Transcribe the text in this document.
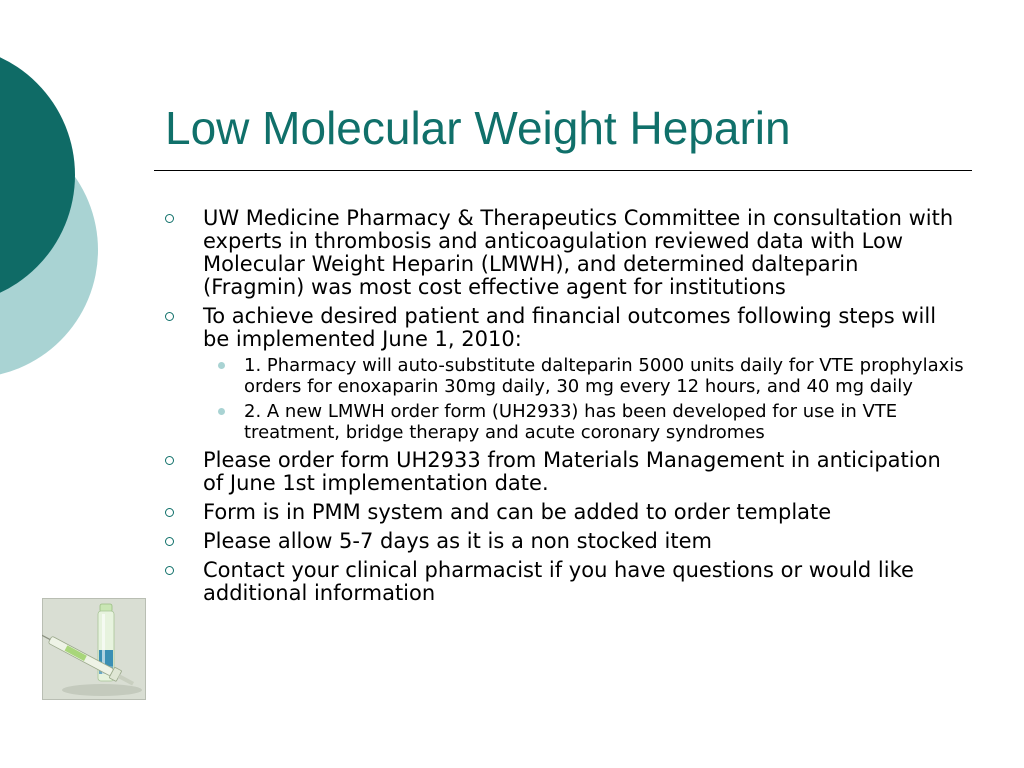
Low Molecular Weight Heparin
UW Medicine Pharmacy & Therapeutics Committee in consultation with experts in thrombosis and anticoagulation reviewed data with Low Molecular Weight Heparin (LMWH), and determined dalteparin (Fragmin) was most cost effective agent for institutions
To achieve desired patient and financial outcomes following steps will be implemented June 1, 2010:
1. Pharmacy will auto-substitute dalteparin 5000 units daily for VTE prophylaxis orders for enoxaparin 30mg daily, 30 mg every 12 hours, and 40 mg daily
2. A new LMWH order form (UH2933) has been developed for use in VTE treatment, bridge therapy and acute coronary syndromes
Please order form UH2933 from Materials Management in anticipation of June 1st implementation date.
Form is in PMM system and can be added to order template
Please allow 5-7 days as it is a non stocked item
Contact your clinical pharmacist if you have questions or would like additional information
